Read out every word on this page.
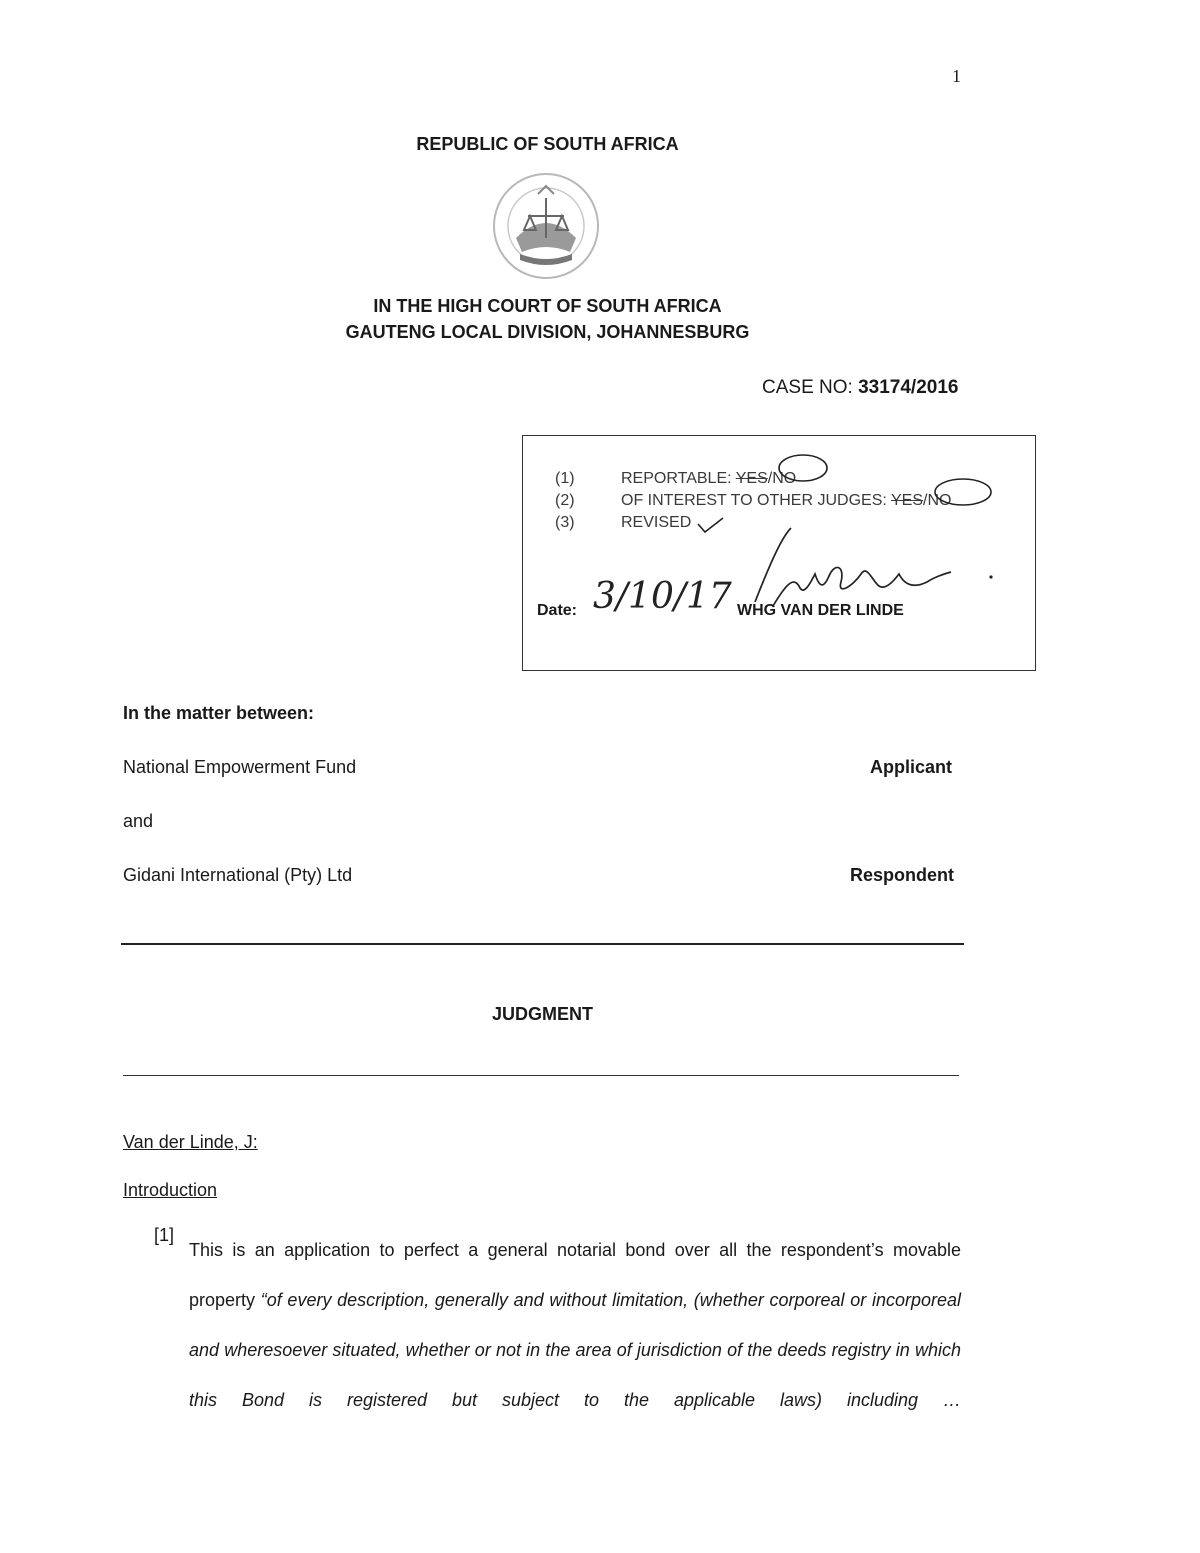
1
REPUBLIC OF SOUTH AFRICA
IN THE HIGH COURT OF SOUTH AFRICA
GAUTENG LOCAL DIVISION, JOHANNESBURG
CASE NO: 33174/2016
(1)	REPORTABLE: YES/NO
(2)	OF INTEREST TO OTHER JUDGES: YES/NO
(3)	REVISED
Date: 3/10/17 WHG VAN DER LINDE
In the matter between:
National Empowerment Fund	Applicant
and
Gidani International (Pty) Ltd	Respondent
JUDGMENT
Van der Linde, J:
Introduction
[1]
This is an application to perfect a general notarial bond over all the respondent’s movable property “of every description, generally and without limitation, (whether corporeal or incorporeal and wheresoever situated, whether or not in the area of jurisdiction of the deeds registry in which this Bond is registered but subject to the applicable laws) including …
